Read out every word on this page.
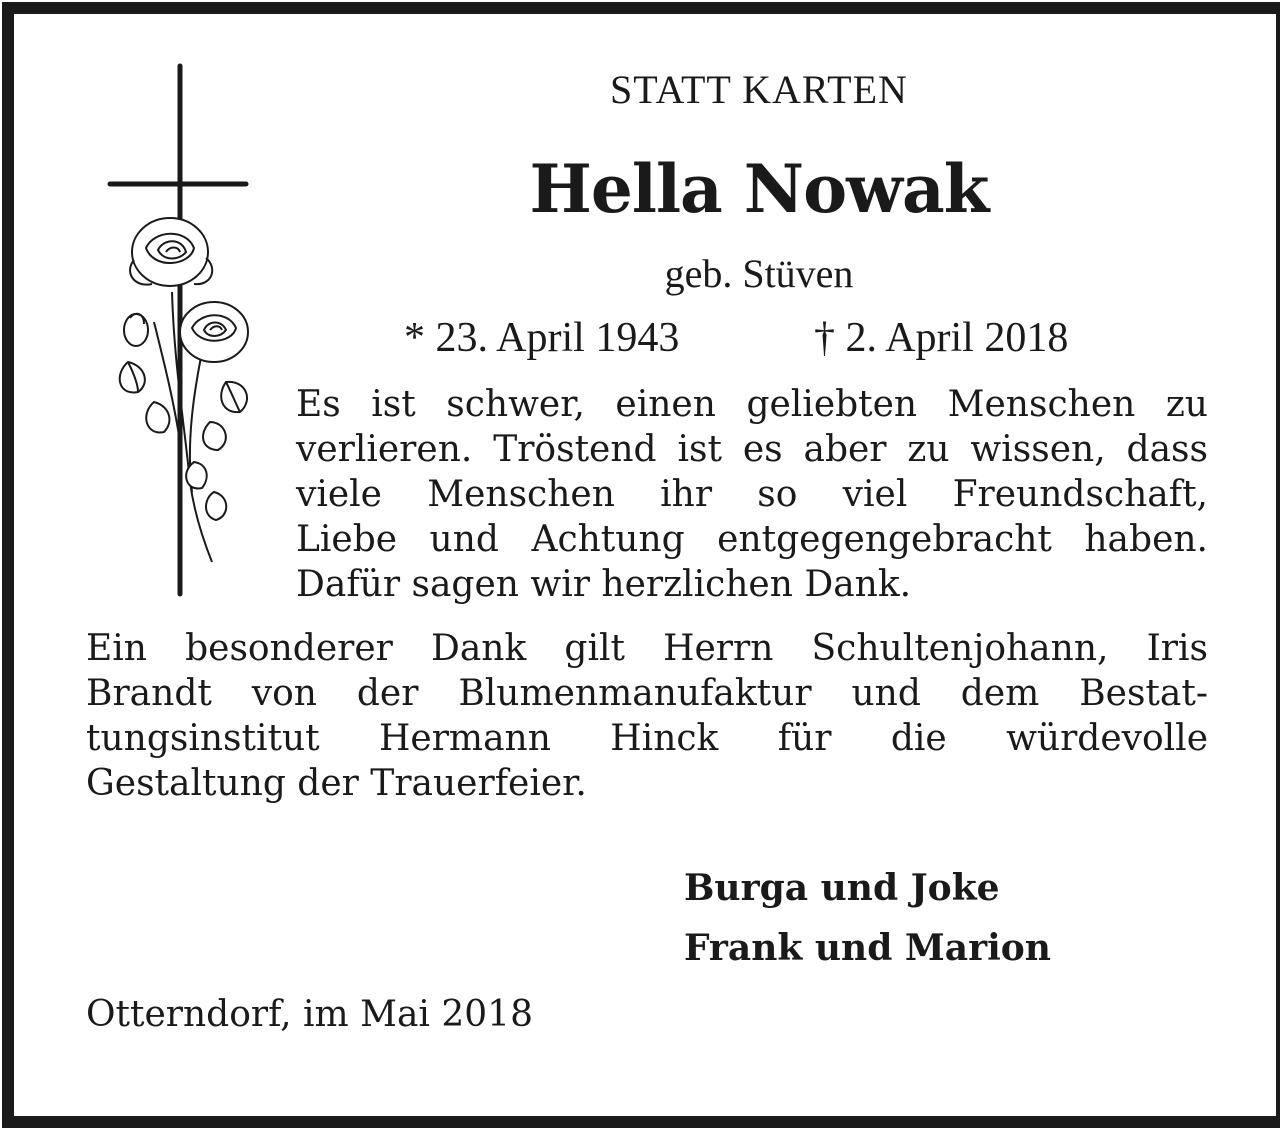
STATT KARTEN
Hella Nowak
geb. Stüven
* 23. April 1943	† 2. April 2018
Es ist schwer, einen geliebten Menschen zu
verlieren. Tröstend ist es aber zu wissen, dass
viele Menschen ihr so viel Freundschaft,
Liebe und Achtung entgegengebracht haben.
Dafür sagen wir herzlichen Dank.
Ein besonderer Dank gilt Herrn Schultenjohann, Iris
Brandt von der Blumenmanufaktur und dem Bestat-
tungsinstitut Hermann Hinck für die würdevolle
Gestaltung der Trauerfeier.
Burga und Joke
Frank und Marion
Otterndorf, im Mai 2018
